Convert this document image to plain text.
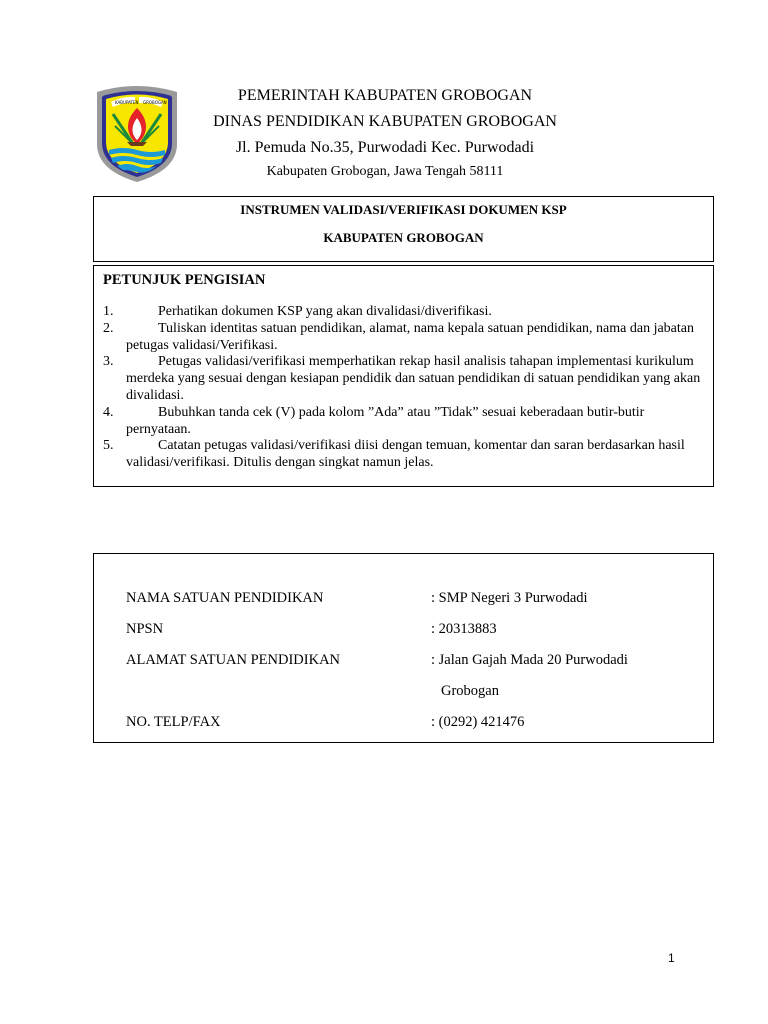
KABUPATEN GROBOGAN	PEMERINTAH KABUPATEN GROBOGAN
DINAS PENDIDIKAN KABUPATEN GROBOGAN
Jl. Pemuda No.35, Purwodadi Kec. Purwodadi
Kabupaten Grobogan, Jawa Tengah 58111
INSTRUMEN VALIDASI/VERIFIKASI DOKUMEN KSP
KABUPATEN GROBOGAN
PETUNJUK PENGISIAN
1.	Perhatikan dokumen KSP yang akan divalidasi/diverifikasi.
2.	Tuliskan identitas satuan pendidikan, alamat, nama kepala satuan pendidikan, nama dan jabatan petugas validasi/Verifikasi.
3.	Petugas validasi/verifikasi memperhatikan rekap hasil analisis tahapan implementasi kurikulum merdeka yang sesuai dengan kesiapan pendidik dan satuan pendidikan di satuan pendidikan yang akan divalidasi.
4.	Bubuhkan tanda cek (V) pada kolom ”Ada” atau ”Tidak” sesuai keberadaan butir-butir pernyataan.
5.	Catatan petugas validasi/verifikasi diisi dengan temuan, komentar dan saran berdasarkan hasil validasi/verifikasi. Ditulis dengan singkat namun jelas.
NAMA SATUAN PENDIDIKAN	: SMP Negeri 3 Purwodadi
NPSN	: 20313883
ALAMAT SATUAN PENDIDIKAN	: Jalan Gajah Mada 20 Purwodadi
Grobogan
NO. TELP/FAX	: (0292) 421476
1
